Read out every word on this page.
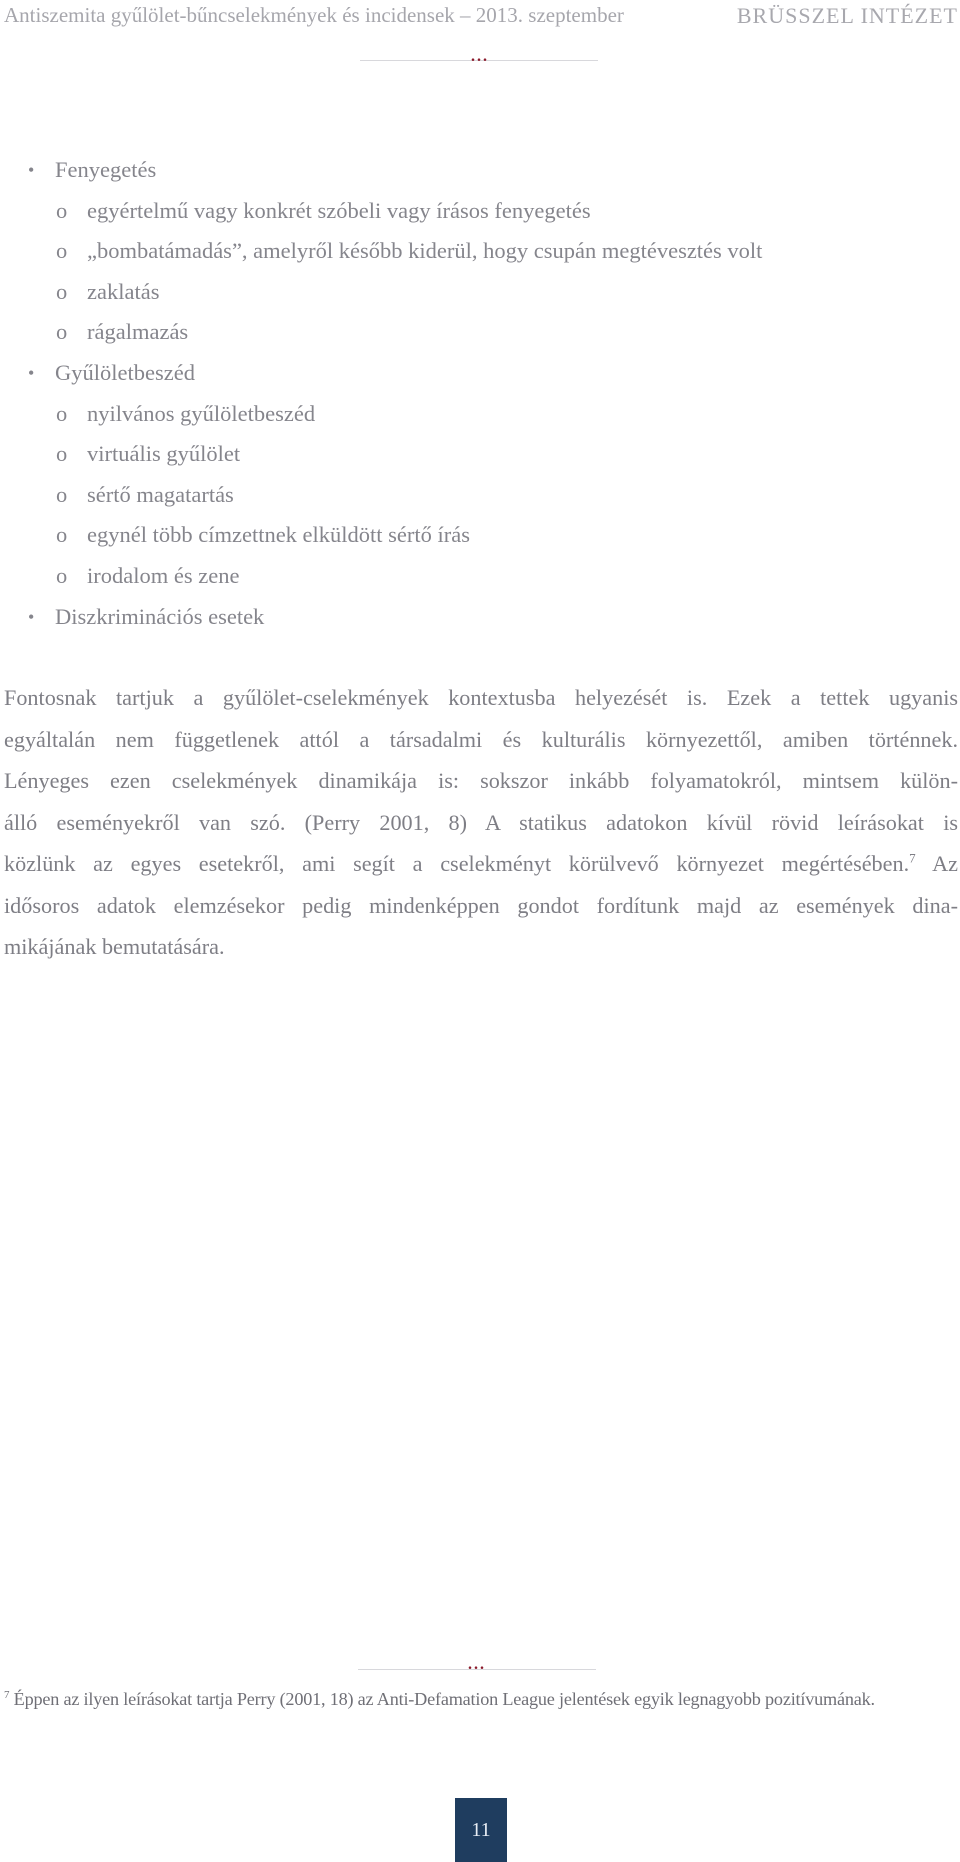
Antiszemita gyűlölet-bűncselekmények és incidensek – 2013. szeptember	BRÜSSZEL INTÉZET
...
• Fenyegetés
o egyértelmű vagy konkrét szóbeli vagy írásos fenyegetés
o „bombatámadás”, amelyről később kiderül, hogy csupán megtévesztés volt
o zaklatás
o rágalmazás
• Gyűlöletbeszéd
o nyilvános gyűlöletbeszéd
o virtuális gyűlölet
o sértő magatartás
o egynél több címzettnek elküldött sértő írás
o irodalom és zene
• Diszkriminációs esetek
Fontosnak tartjuk a gyűlölet-cselekmények kontextusba helyezését is. Ezek a tettek ugyanis
egyáltalán nem függetlenek attól a társadalmi és kulturális környezettől, amiben történnek.
Lényeges ezen cselekmények dinamikája is: sokszor inkább folyamatokról, mintsem külön-
álló eseményekről van szó. (Perry 2001, 8) A statikus adatokon kívül rövid leírásokat is
közlünk az egyes esetekről, ami segít a cselekményt körülvevő környezet megértésében.$^7$ Az
idősoros adatok elemzésekor pedig mindenképpen gondot fordítunk majd az események dina-
mikájának bemutatására.
...
$^7$ Éppen az ilyen leírásokat tartja Perry (2001, 18) az Anti-Defamation League jelentések egyik legnagyobb pozitívumának.
11
